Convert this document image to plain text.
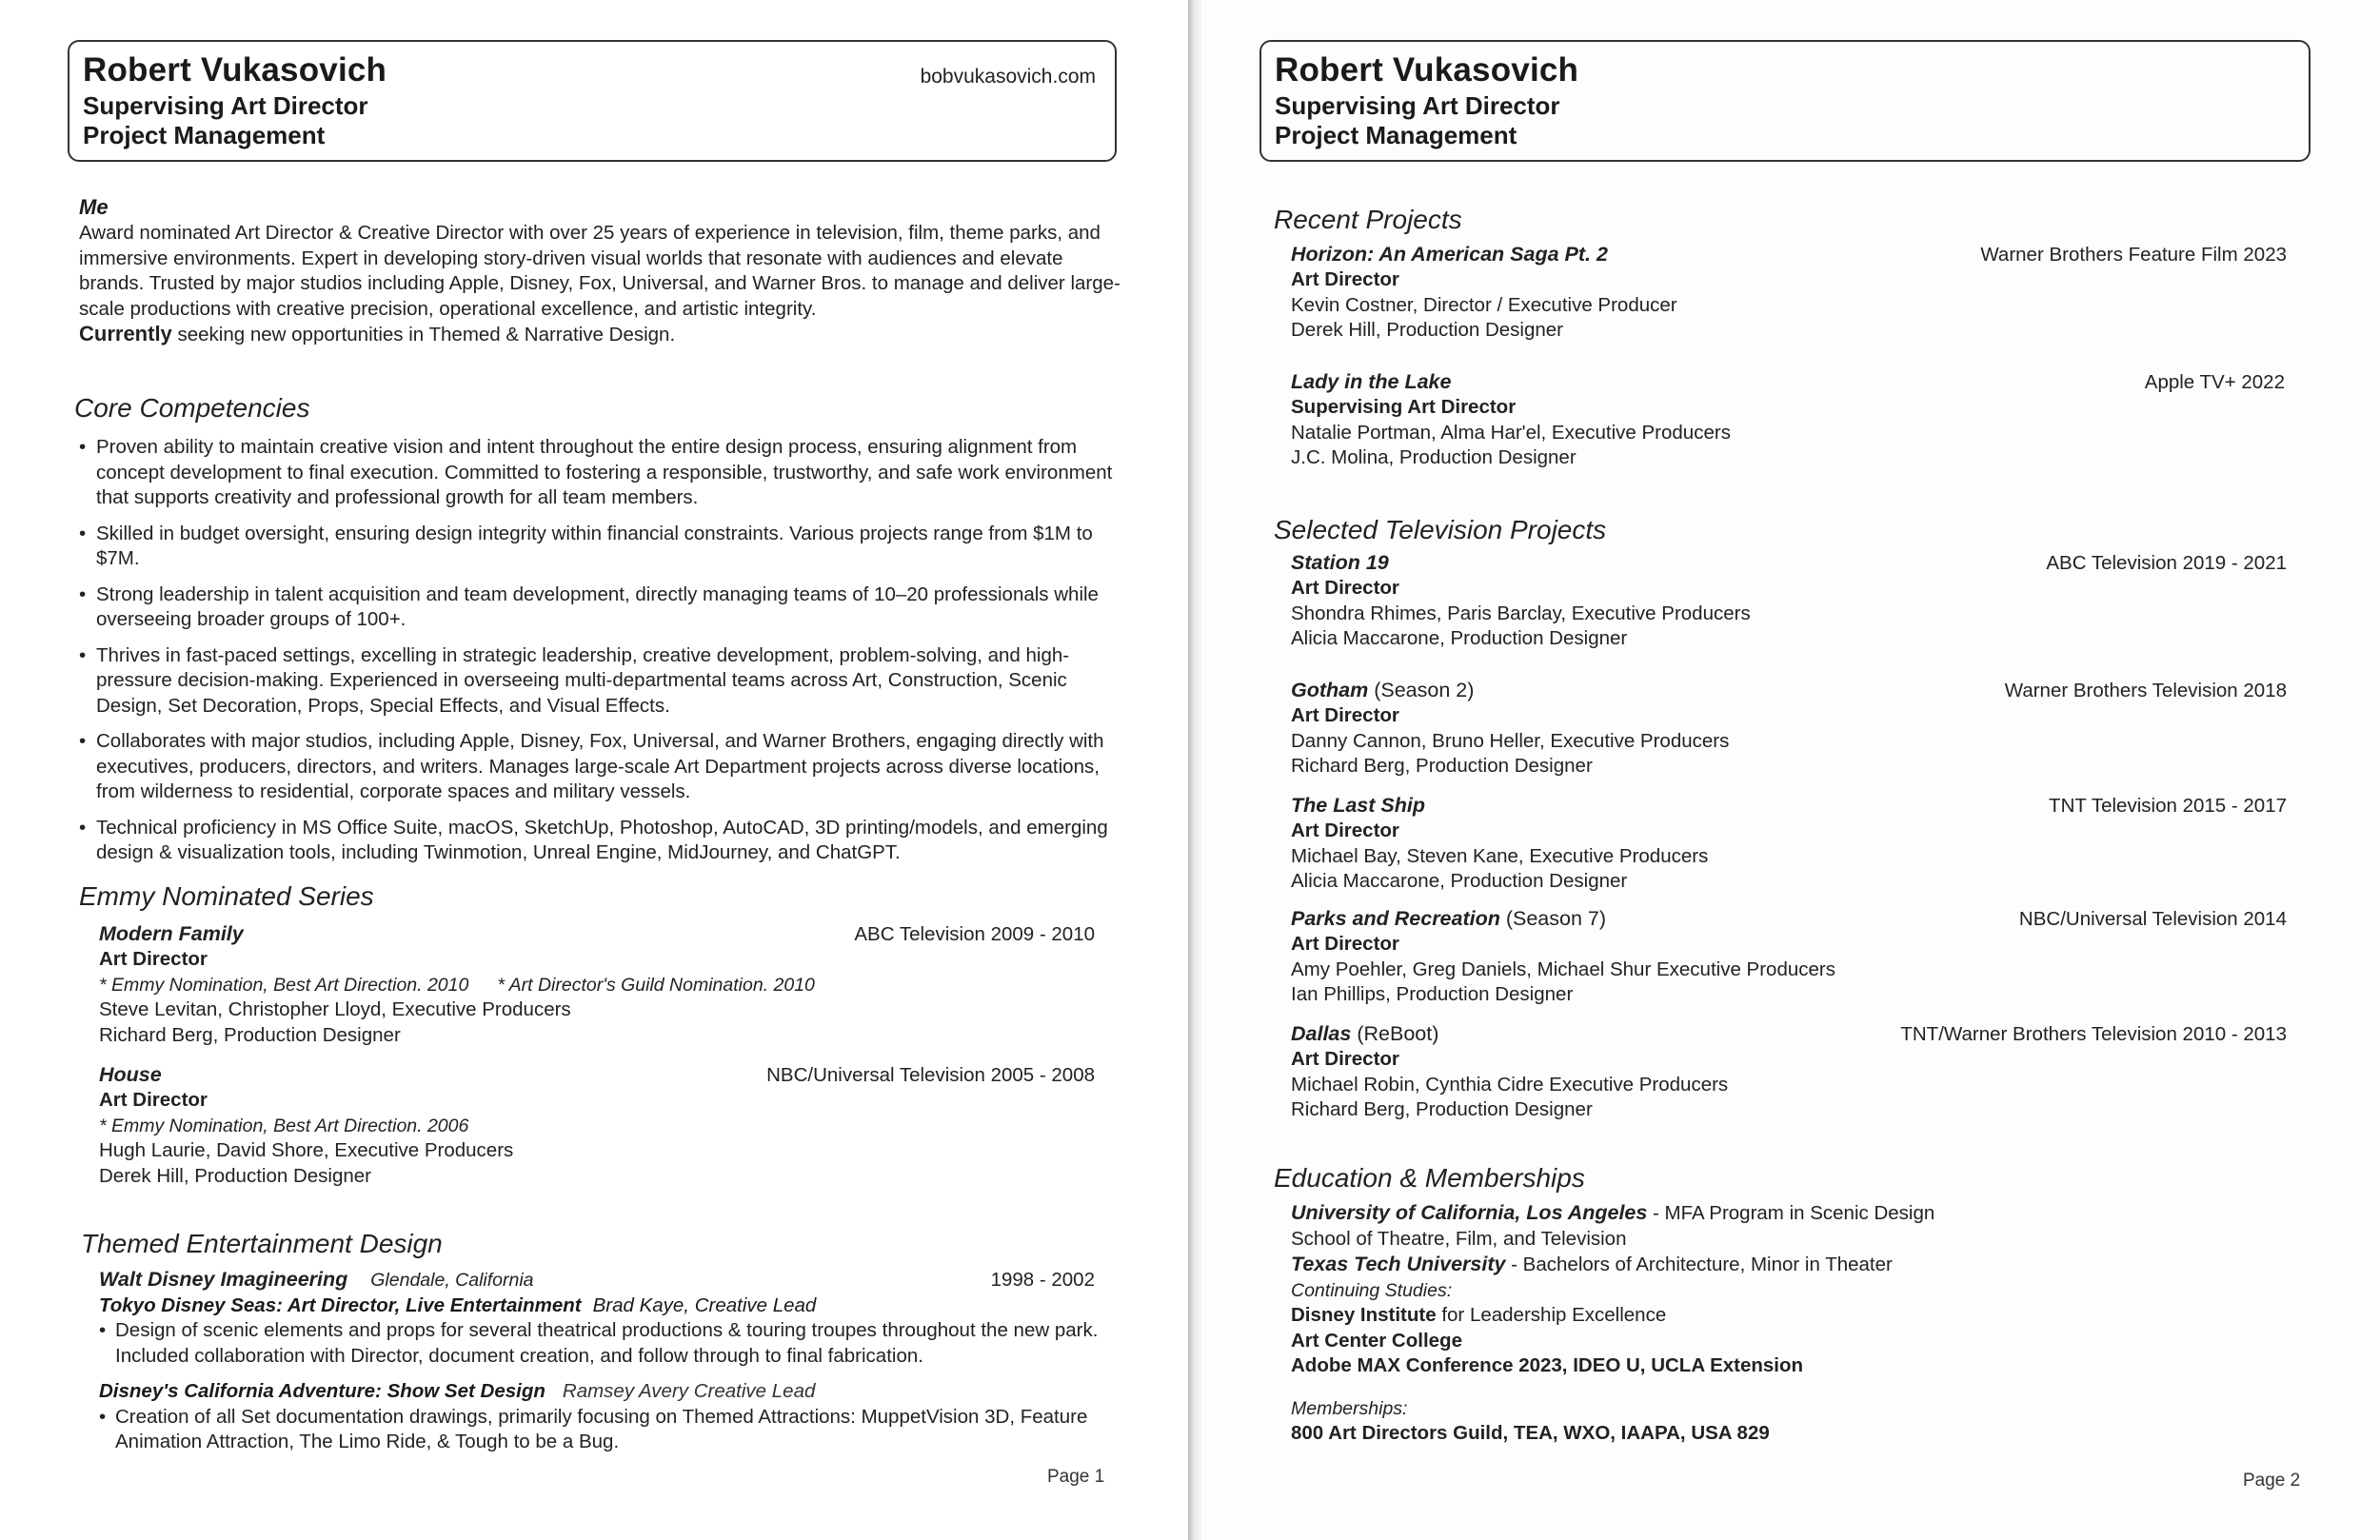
Robert Vukasovich
Supervising Art Director
Project Management
bobvukasovich.com
Me
Award nominated Art Director & Creative Director with over 25 years of experience in television, film, theme parks, and immersive environments. Expert in developing story-driven visual worlds that resonate with audiences and elevate brands. Trusted by major studios including Apple, Disney, Fox, Universal, and Warner Bros. to manage and deliver large-scale productions with creative precision, operational excellence, and artistic integrity.
Currently seeking new opportunities in Themed & Narrative Design.
Core Competencies
• Proven ability to maintain creative vision and intent throughout the entire design process, ensuring alignment from concept development to final execution. Committed to fostering a responsible, trustworthy, and safe work environment that supports creativity and professional growth for all team members.
• Skilled in budget oversight, ensuring design integrity within financial constraints. Various projects range from $1M to $7M.
• Strong leadership in talent acquisition and team development, directly managing teams of 10–20 professionals while overseeing broader groups of 100+.
• Thrives in fast-paced settings, excelling in strategic leadership, creative development, problem-solving, and high-pressure decision-making. Experienced in overseeing multi-departmental teams across Art, Construction, Scenic Design, Set Decoration, Props, Special Effects, and Visual Effects.
• Collaborates with major studios, including Apple, Disney, Fox, Universal, and Warner Brothers, engaging directly with executives, producers, directors, and writers. Manages large-scale Art Department projects across diverse locations, from wilderness to residential, corporate spaces and military vessels.
• Technical proficiency in MS Office Suite, macOS, SketchUp, Photoshop, AutoCAD, 3D printing/models, and emerging design & visualization tools, including Twinmotion, Unreal Engine, MidJourney, and ChatGPT.
Emmy Nominated Series
Modern Family	ABC Television 2009 - 2010
Art Director
* Emmy Nomination, Best Art Direction. 2010 * Art Director's Guild Nomination. 2010
Steve Levitan, Christopher Lloyd, Executive Producers
Richard Berg, Production Designer
House	NBC/Universal Television 2005 - 2008
Art Director
* Emmy Nomination, Best Art Direction. 2006
Hugh Laurie, David Shore, Executive Producers
Derek Hill, Production Designer
Themed Entertainment Design
Walt Disney Imagineering Glendale, California	1998 - 2002
Tokyo Disney Seas: Art Director, Live Entertainment Brad Kaye, Creative Lead
• Design of scenic elements and props for several theatrical productions & touring troupes throughout the new park. Included collaboration with Director, document creation, and follow through to final fabrication.
Disney's California Adventure: Show Set Design Ramsey Avery Creative Lead
• Creation of all Set documentation drawings, primarily focusing on Themed Attractions: MuppetVision 3D, Feature Animation Attraction, The Limo Ride, & Tough to be a Bug.
Page 1
Robert Vukasovich
Supervising Art Director
Project Management
Recent Projects
Horizon: An American Saga Pt. 2	Warner Brothers Feature Film 2023
Art Director
Kevin Costner, Director / Executive Producer
Derek Hill, Production Designer
Lady in the Lake	Apple TV+ 2022
Supervising Art Director
Natalie Portman, Alma Har'el, Executive Producers
J.C. Molina, Production Designer
Selected Television Projects
Station 19	ABC Television 2019 - 2021
Art Director
Shondra Rhimes, Paris Barclay, Executive Producers
Alicia Maccarone, Production Designer
Gotham (Season 2)	Warner Brothers Television 2018
Art Director
Danny Cannon, Bruno Heller, Executive Producers
Richard Berg, Production Designer
The Last Ship	TNT Television 2015 - 2017
Art Director
Michael Bay, Steven Kane, Executive Producers
Alicia Maccarone, Production Designer
Parks and Recreation (Season 7)	NBC/Universal Television 2014
Art Director
Amy Poehler, Greg Daniels, Michael Shur Executive Producers
Ian Phillips, Production Designer
Dallas (ReBoot)	TNT/Warner Brothers Television 2010 - 2013
Art Director
Michael Robin, Cynthia Cidre Executive Producers
Richard Berg, Production Designer
Education & Memberships
University of California, Los Angeles - MFA Program in Scenic Design
School of Theatre, Film, and Television
Texas Tech University - Bachelors of Architecture, Minor in Theater
Continuing Studies:
Disney Institute for Leadership Excellence
Art Center College
Adobe MAX Conference 2023, IDEO U, UCLA Extension
Memberships:
800 Art Directors Guild, TEA, WXO, IAAPA, USA 829
Page 2
